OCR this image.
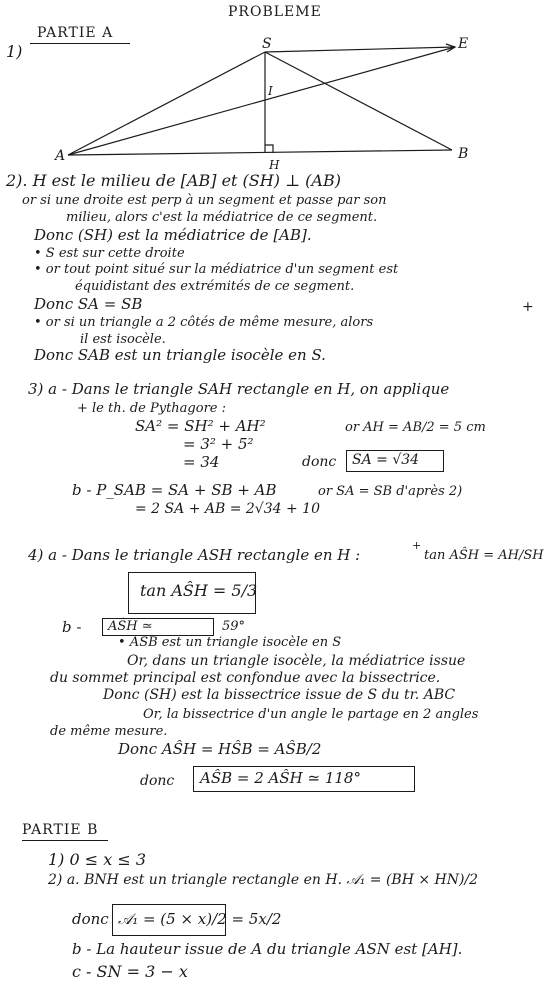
PROBLEME
PARTIE A
1)	S	E
A	B
H
I
2). H est le milieu de [AB] et (SH) ⊥ (AB)
or si une droite est perp à un segment et passe par son
milieu, alors c'est la médiatrice de ce segment.
Donc (SH) est la médiatrice de [AB].
• S est sur cette droite
• or tout point situé sur la médiatrice d'un segment est
équidistant des extrémités de ce segment.
Donc SA = SB
• or si un triangle a 2 côtés de même mesure, alors
+
il est isocèle.
Donc SAB est un triangle isocèle en S.
3) a - Dans le triangle SAH rectangle en H, on applique
+ le th. de Pythagore :
SA² = SH² + AH²	or AH = AB/2 = 5 cm
= 3² + 5²
= 34	donc SA = √34
b - P_SAB = SA + SB + AB	or SA = SB d'après 2)
= 2 SA + AB = 2√34 + 10
4) a - Dans le triangle ASH rectangle en H :
+
tan AŜH = AH/SH
tan AŜH = 5/3
b - AŜH ≃	59°
• ASB est un triangle isocèle en S
Or, dans un triangle isocèle, la médiatrice issue
du sommet principal est confondue avec la bissectrice.
Donc (SH) est la bissectrice issue de S du tr. ABC
Or, la bissectrice d'un angle le partage en 2 angles
de même mesure.
Donc AŜH = HŜB = AŜB/2
donc AŜB = 2 AŜH ≃ 118°
PARTIE B
1) 0 ≤ x ≤ 3
2) a. BNH est un triangle rectangle en H. 𝒜₁ = (BH × HN)/2
donc 𝒜₁ = (5 × x)/2 = 5x/2
b - La hauteur issue de A du triangle ASN est [AH].
c - SN = 3 − x
